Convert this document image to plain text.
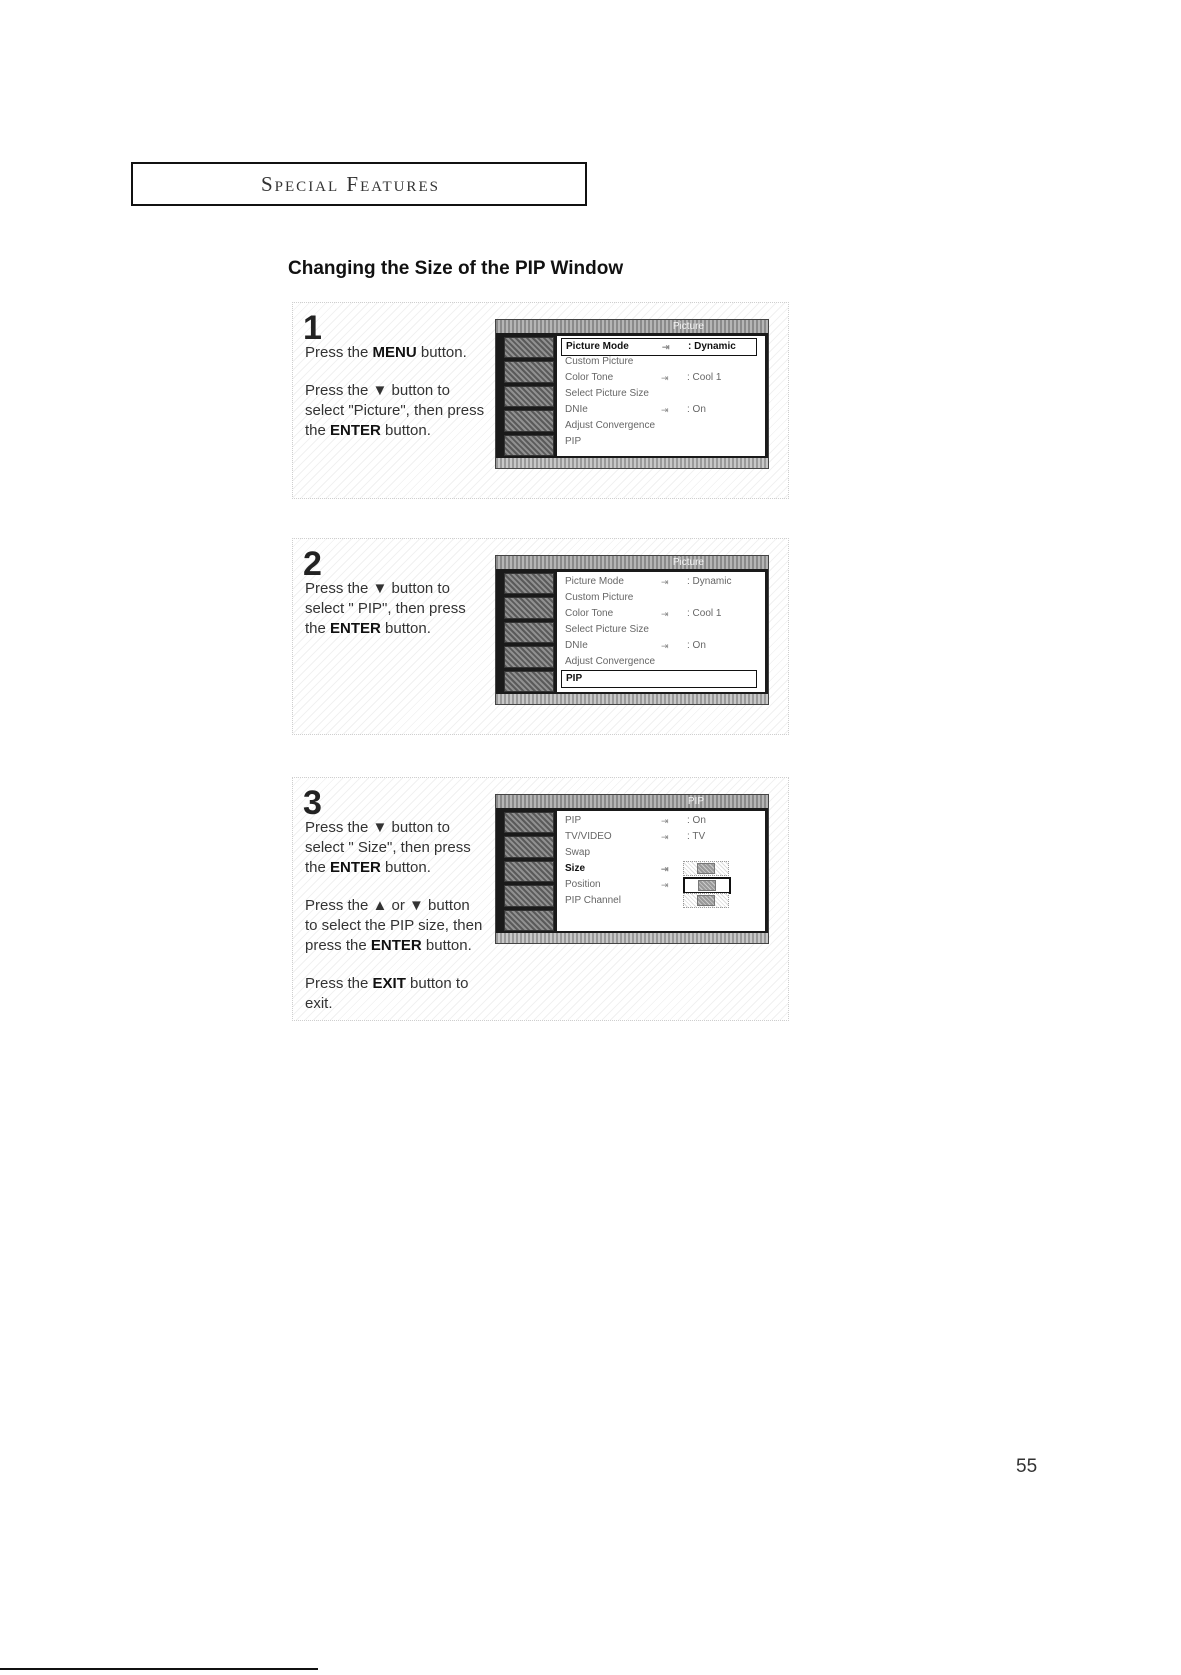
Special Features
Changing the Size of the PIP Window
1

Press the MENU button.

Press the ▼ button to select "Picture", then press the ENTER button.

Picture
Picture Mode	⇥ : Dynamic
Custom Picture
Color Tone	⇥ : Cool 1
Select Picture Size
DNIe	⇥ : On
Adjust Convergence
PIP
2

Press the ▼ button to select " PIP", then press the ENTER button.

Picture
Picture Mode	⇥ : Dynamic
Custom Picture
Color Tone	⇥ : Cool 1
Select Picture Size
DNIe	⇥ : On
Adjust Convergence
PIP
3

Press the ▼ button to select " Size", then press the ENTER button.

Press the ▲ or ▼ button to select the PIP size, then press the ENTER button.

Press the EXIT button to exit.

PIP
PIP	⇥ : On
TV/VIDEO	⇥ : TV
Swap
Size	⇥
Position	⇥
PIP Channel
55
